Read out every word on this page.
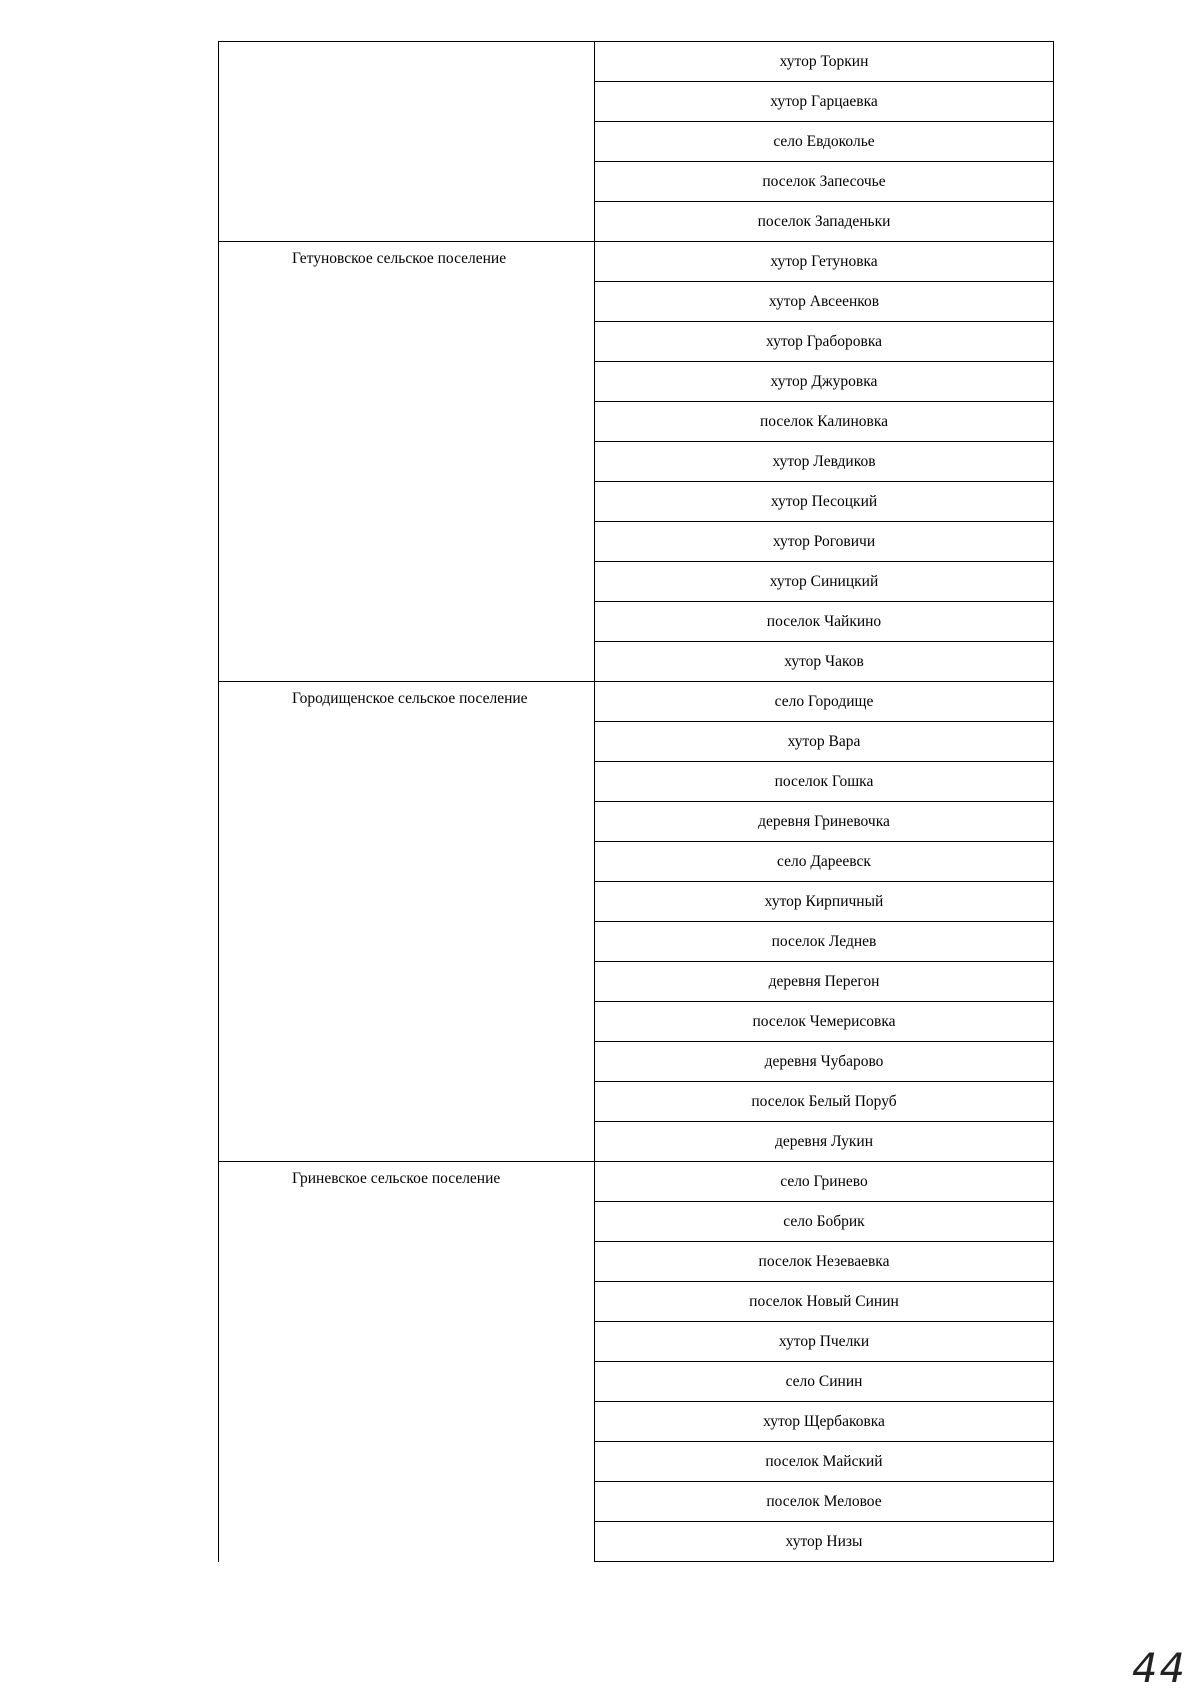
	хутор Торкин
	хутор Гарцаевка
	село Евдоколье
	поселок Запесочье
	поселок Западеньки
Гетуновское сельское поселение	хутор Гетуновка
	хутор Авсеенков
	хутор Граборовка
	хутор Джуровка
	поселок Калиновка
	хутор Левдиков
	хутор Песоцкий
	хутор Роговичи
	хутор Синицкий
	поселок Чайкино
	хутор Чаков
Городищенское сельское поселение	село Городище
	хутор Вара
	поселок Гошка
	деревня Гриневочка
	село Дареевск
	хутор Кирпичный
	поселок Леднев
	деревня Перегон
	поселок Чемерисовка
	деревня Чубарово
	поселок Белый Поруб
	деревня Лукин
Гриневское сельское поселение	село Гринево
	село Бобрик
	поселок Незеваевка
	поселок Новый Синин
	хутор Пчелки
	село Синин
	хутор Щербаковка
	поселок Майский
	поселок Меловое
	хутор Низы
44
